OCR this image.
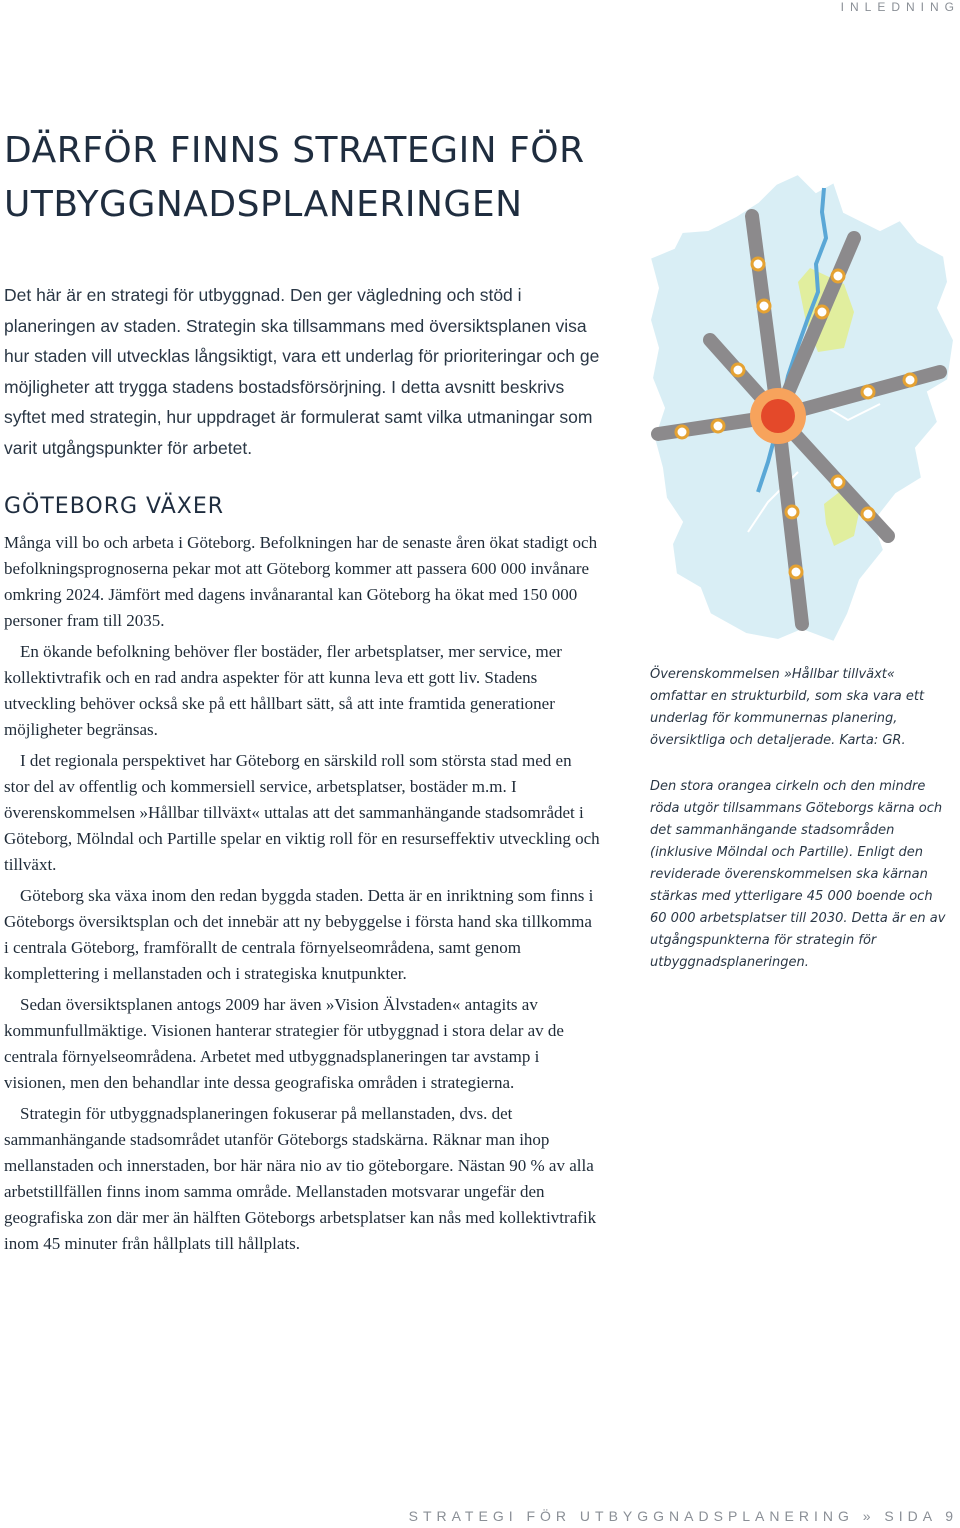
INLEDNING
DÄRFÖR FINNS STRATEGIN FÖR UTBYGGNADSPLANERINGEN

Det här är en strategi för utbyggnad. Den ger vägledning och stöd i planeringen av staden. Strategin ska tillsammans med översiktsplanen visa hur staden vill utvecklas långsiktigt, vara ett underlag för prioriteringar och ge möjligheter att trygga stadens bostadsförsörjning. I detta avsnitt beskrivs syftet med strategin, hur uppdraget är formulerat samt vilka utmaningar som varit utgångspunkter för arbetet.

GÖTEBORG VÄXER

Många vill bo och arbeta i Göteborg. Befolkningen har de senaste åren ökat stadigt och befolkningsprognoserna pekar mot att Göteborg kommer att passera 600 000 invånare omkring 2024. Jämfört med dagens invånarantal kan Göteborg ha ökat med 150 000 personer fram till 2035.

En ökande befolkning behöver fler bostäder, fler arbetsplatser, mer service, mer kollektivtrafik och en rad andra aspekter för att kunna leva ett gott liv. Stadens utveckling behöver också ske på ett hållbart sätt, så att inte framtida generationer möjligheter begränsas.

I det regionala perspektivet har Göteborg en särskild roll som största stad med en stor del av offentlig och kommersiell service, arbetsplatser, bostäder m.m. I överenskommelsen »Hållbar tillväxt« uttalas att det sammanhängande stadsområdet i Göteborg, Mölndal och Partille spelar en viktig roll för en resurseffektiv utveckling och tillväxt.

Göteborg ska växa inom den redan byggda staden. Detta är en inriktning som finns i Göteborgs översiktsplan och det innebär att ny bebyggelse i första hand ska tillkomma i centrala Göteborg, framförallt de centrala förnyelseområdena, samt genom komplettering i mellanstaden och i strategiska knutpunkter.

Sedan översiktsplanen antogs 2009 har även »Vision Älvstaden« antagits av kommunfullmäktige. Visionen hanterar strategier för utbyggnad i stora delar av de centrala förnyelseområdena. Arbetet med utbyggnadsplaneringen tar avstamp i visionen, men den behandlar inte dessa geografiska områden i strategierna.

Strategin för utbyggnadsplaneringen fokuserar på mellanstaden, dvs. det sammanhängande stadsområdet utanför Göteborgs stadskärna. Räknar man ihop mellanstaden och innerstaden, bor här nära nio av tio göteborgare. Nästan 90 % av alla arbetstillfällen finns inom samma område. Mellanstaden motsvarar ungefär den geografiska zon där mer än hälften Göteborgs arbetsplatser kan nås med kollektivtrafik inom 45 minuter från hållplats till hållplats.

Överenskommelsen »Hållbar tillväxt« omfattar en strukturbild, som ska vara ett underlag för kommunernas planering, översiktliga och detaljerade. Karta: GR.

Den stora orangea cirkeln och den mindre röda utgör tillsammans Göteborgs kärna och det sammanhängande stadsområden (inklusive Mölndal och Partille). Enligt den reviderade överenskommelsen ska kärnan stärkas med ytterligare 45 000 boende och 60 000 arbetsplatser till 2030. Detta är en av utgångspunkterna för strategin för utbyggnadsplaneringen.

STRATEGI FÖR UTBYGGNADSPLANERING » SIDA 9
